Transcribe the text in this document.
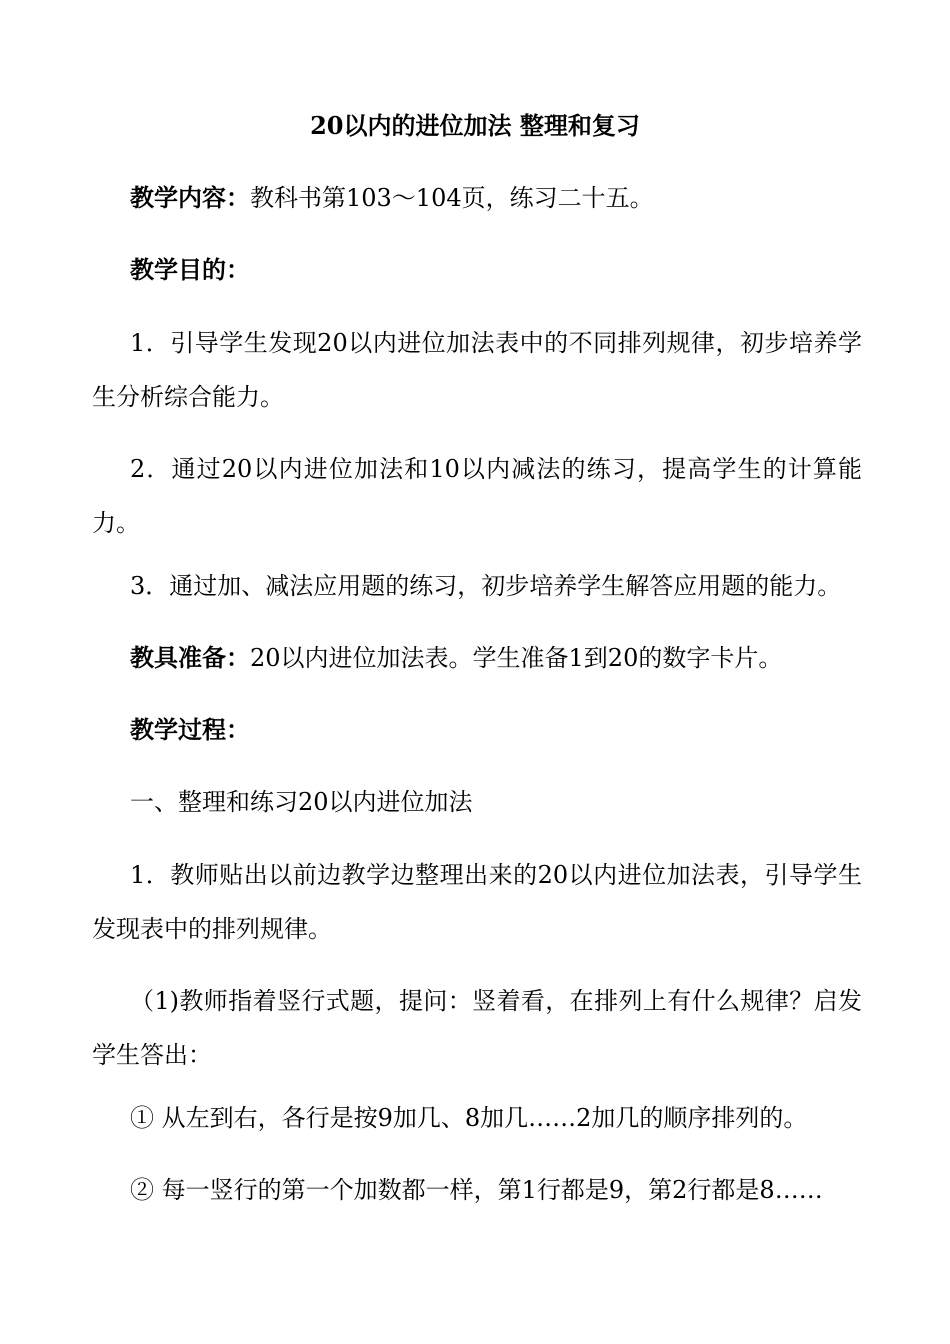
20以内的进位加法 整理和复习
教学内容：教科书第103～104页，练习二十五。
教学目的：
1．引导学生发现20以内进位加法表中的不同排列规律，初步培养学生分析综合能力。
2．通过20以内进位加法和10以内减法的练习，提高学生的计算能力。
3．通过加、减法应用题的练习，初步培养学生解答应用题的能力。
教具准备：20以内进位加法表。学生准备1到20的数字卡片。
教学过程：
一、整理和练习20以内进位加法
1．教师贴出以前边教学边整理出来的20以内进位加法表，引导学生发现表中的排列规律。
（1)教师指着竖行式题，提问：竖着看，在排列上有什么规律？启发学生答出：
① 从左到右，各行是按9加几、8加几……2加几的顺序排列的。
② 每一竖行的第一个加数都一样，第1行都是9，第2行都是8……
